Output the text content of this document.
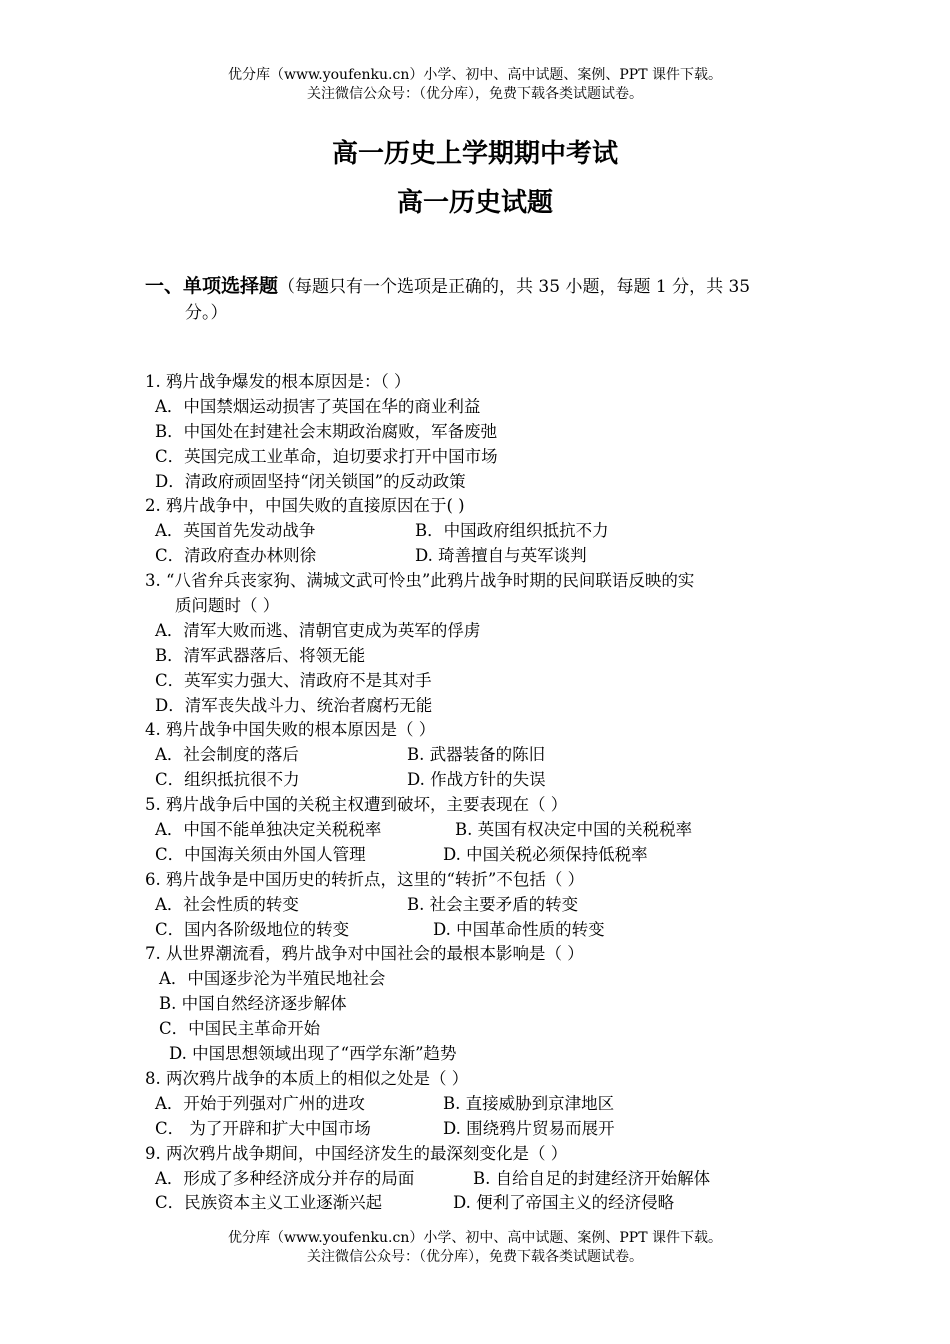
优分库（www.youfenku.cn）小学、初中、高中试题、案例、PPT 课件下载。
关注微信公众号：（优分库），免费下载各类试题试卷。
高一历史上学期期中考试
高一历史试题
一、单项选择题（每题只有一个选项是正确的，共 35 小题，每题 1 分，共 35
分。）
1. 鸦片战争爆发的根本原因是：（ ）
A．中国禁烟运动损害了英国在华的商业利益
B．中国处在封建社会末期政治腐败，军备废弛
C．英国完成工业革命，迫切要求打开中国市场
D．清政府顽固坚持“闭关锁国”的反动政策
2. 鸦片战争中，中国失败的直接原因在于( )
A．英国首先发动战争	B．中国政府组织抵抗不力
C．清政府查办林则徐	D. 琦善擅自与英军谈判
3. “八省弁兵丧家狗、满城文武可怜虫”此鸦片战争时期的民间联语反映的实
质问题时（ ）
A．清军大败而逃、清朝官吏成为英军的俘虏
B．清军武器落后、将领无能
C．英军实力强大、清政府不是其对手
D．清军丧失战斗力、统治者腐朽无能
4. 鸦片战争中国失败的根本原因是（ ）
A．社会制度的落后	B. 武器装备的陈旧
C．组织抵抗很不力	D. 作战方针的失误
5. 鸦片战争后中国的关税主权遭到破坏，主要表现在（ ）
A．中国不能单独决定关税税率	B. 英国有权决定中国的关税税率
C．中国海关须由外国人管理	D. 中国关税必须保持低税率
6. 鸦片战争是中国历史的转折点，这里的“转折”不包括（ ）
A．社会性质的转变	B. 社会主要矛盾的转变
C．国内各阶级地位的转变	D. 中国革命性质的转变
7. 从世界潮流看，鸦片战争对中国社会的最根本影响是（ ）
A．中国逐步沦为半殖民地社会
B. 中国自然经济逐步解体
C．中国民主革命开始
D. 中国思想领域出现了“西学东渐”趋势
8. 两次鸦片战争的本质上的相似之处是（ ）
A．开始于列强对广州的进攻	B. 直接威胁到京津地区
C． 为了开辟和扩大中国市场	D. 围绕鸦片贸易而展开
9. 两次鸦片战争期间，中国经济发生的最深刻变化是（ ）
A．形成了多种经济成分并存的局面	B. 自给自足的封建经济开始解体
C．民族资本主义工业逐渐兴起	D. 便利了帝国主义的经济侵略
优分库（www.youfenku.cn）小学、初中、高中试题、案例、PPT 课件下载。
关注微信公众号：（优分库），免费下载各类试题试卷。
